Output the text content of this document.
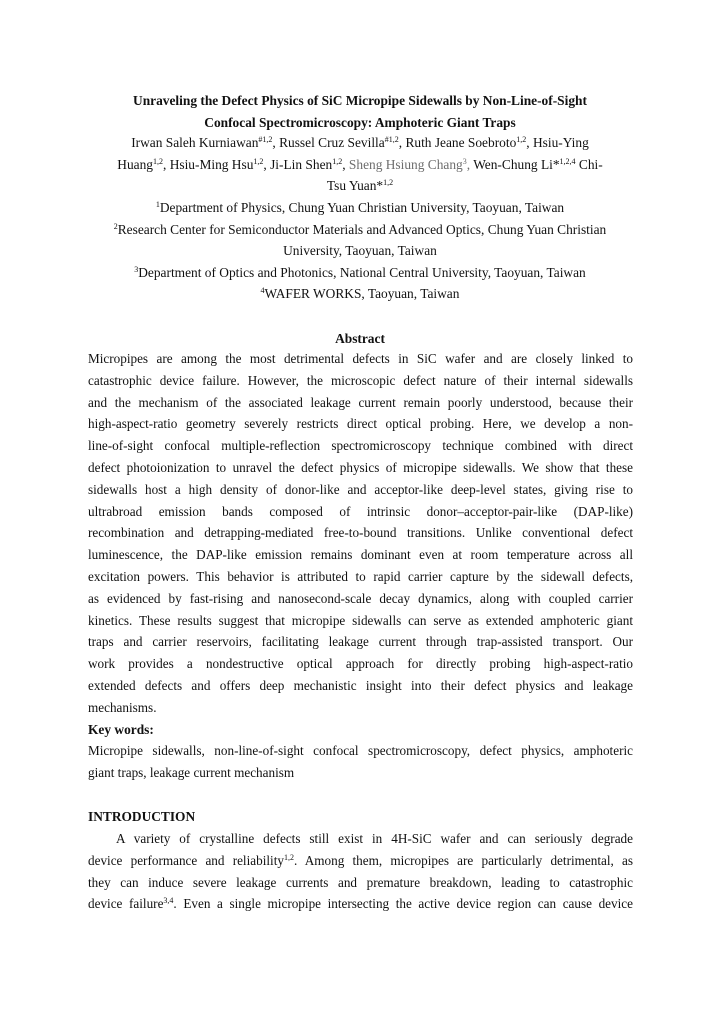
Unraveling the Defect Physics of SiC Micropipe Sidewalls by Non-Line-of-Sight
Confocal Spectromicroscopy: Amphoteric Giant Traps
Irwan Saleh Kurniawan$^{\#1,2}$, Russel Cruz Sevilla$^{\#1,2}$, Ruth Jeane Soebroto$^{1,2}$, Hsiu-Ying
Huang$^{1,2}$, Hsiu-Ming Hsu$^{1,2}$, Ji-Lin Shen$^{1,2}$, Sheng Hsiung Chang$^3$, Wen-Chung Li*$^{1,2,4}$ Chi-
Tsu Yuan*$^{1,2}$
$^1$Department of Physics, Chung Yuan Christian University, Taoyuan, Taiwan
$^2$Research Center for Semiconductor Materials and Advanced Optics, Chung Yuan Christian
University, Taoyuan, Taiwan
$^3$Department of Optics and Photonics, National Central University, Taoyuan, Taiwan
$^4$WAFER WORKS, Taoyuan, Taiwan
Abstract
Micropipes are among the most detrimental defects in SiC wafer and are closely linked to
catastrophic device failure. However, the microscopic defect nature of their internal sidewalls
and the mechanism of the associated leakage current remain poorly understood, because their
high-aspect-ratio geometry severely restricts direct optical probing. Here, we develop a non-
line-of-sight confocal multiple-reflection spectromicroscopy technique combined with direct
defect photoionization to unravel the defect physics of micropipe sidewalls. We show that these
sidewalls host a high density of donor-like and acceptor-like deep-level states, giving rise to
ultrabroad emission bands composed of intrinsic donor–acceptor-pair-like (DAP-like)
recombination and detrapping-mediated free-to-bound transitions. Unlike conventional defect
luminescence, the DAP-like emission remains dominant even at room temperature across all
excitation powers. This behavior is attributed to rapid carrier capture by the sidewall defects,
as evidenced by fast-rising and nanosecond-scale decay dynamics, along with coupled carrier
kinetics. These results suggest that micropipe sidewalls can serve as extended amphoteric giant
traps and carrier reservoirs, facilitating leakage current through trap-assisted transport. Our
work provides a nondestructive optical approach for directly probing high-aspect-ratio
extended defects and offers deep mechanistic insight into their defect physics and leakage
mechanisms.
Key words:
Micropipe sidewalls, non-line-of-sight confocal spectromicroscopy, defect physics, amphoteric
giant traps, leakage current mechanism
INTRODUCTION
A variety of crystalline defects still exist in 4H-SiC wafer and can seriously degrade
device performance and reliability$^{1,2}$. Among them, micropipes are particularly detrimental, as
they can induce severe leakage currents and premature breakdown, leading to catastrophic
device failure$^{3,4}$. Even a single micropipe intersecting the active device region can cause device
